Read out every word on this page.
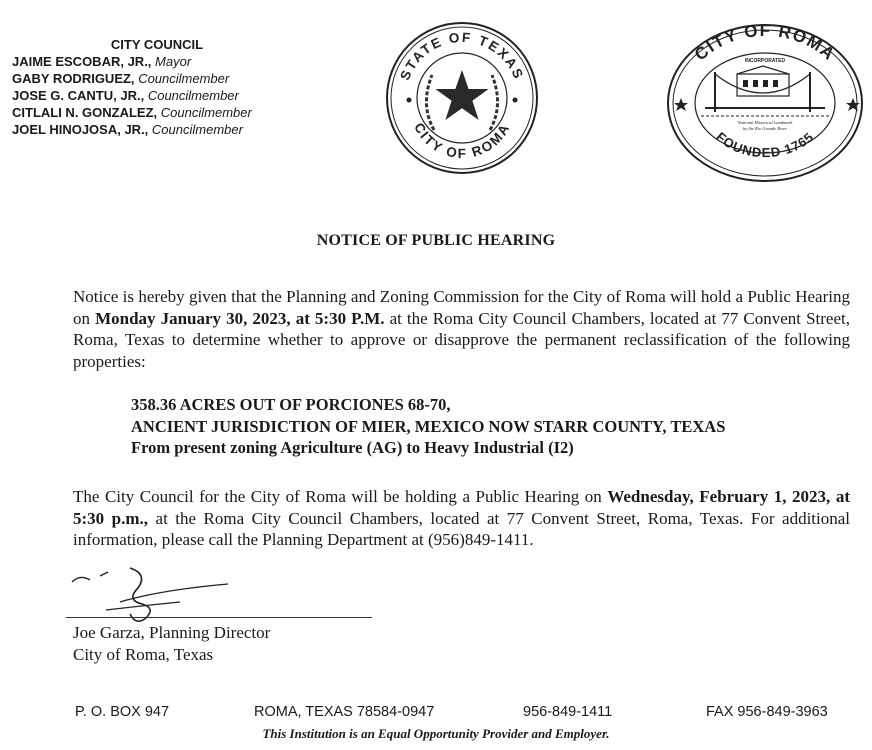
CITY COUNCIL
JAIME ESCOBAR, JR., Mayor
GABY RODRIGUEZ, Councilmember
JOSE G. CANTU, JR., Councilmember
CITLALI N. GONZALEZ, Councilmember
JOEL HINOJOSA, JR., Councilmember
STATE OF TEXAS
CITY OF ROMA
CITY OF ROMA
FOUNDED 1765
INCORPORATED
National Historical Landmark
by the Rio Grande River
NOTICE OF PUBLIC HEARING
Notice is hereby given that the Planning and Zoning Commission for the City of Roma will hold a Public Hearing on Monday January 30, 2023, at 5:30 P.M. at the Roma City Council Chambers, located at 77 Convent Street, Roma, Texas to determine whether to approve or disapprove the permanent reclassification of the following properties:
358.36 ACRES OUT OF PORCIONES 68-70,
ANCIENT JURISDICTION OF MIER, MEXICO NOW STARR COUNTY, TEXAS
From present zoning Agriculture (AG) to Heavy Industrial (I2)
The City Council for the City of Roma will be holding a Public Hearing on Wednesday, February 1, 2023, at 5:30 p.m., at the Roma City Council Chambers, located at 77 Convent Street, Roma, Texas. For additional information, please call the Planning Department at (956)849-1411.
Joe Garza, Planning Director
City of Roma, Texas
P. O. BOX 947	ROMA, TEXAS 78584-0947	956-849-1411	FAX 956-849-3963
This Institution is an Equal Opportunity Provider and Employer.
